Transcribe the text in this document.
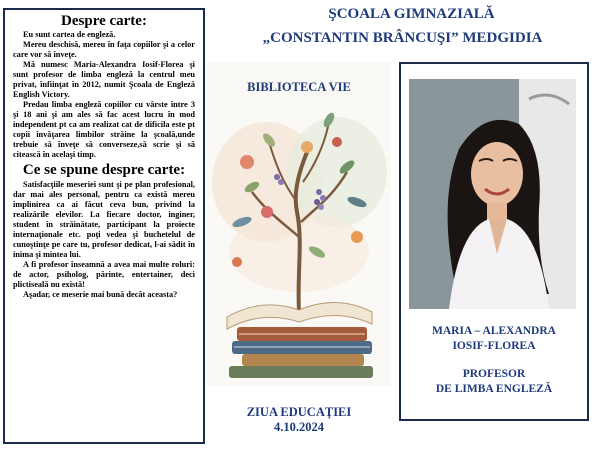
ŞCOALA GIMNAZIALĂ
„CONSTANTIN BRÂNCUŞI” MEDGIDIA
Despre carte:

Eu sunt cartea de engleză.

Mereu deschisă, mereu în faţa copiilor şi a celor care vor să înveţe.

Mă numesc Maria-Alexandra Iosif-Florea şi sunt profesor de limba engleză la centrul meu privat, înfiinţat în 2012, numit Şcoala de Engleză English Victory.

Predau limba engleză copiilor cu vârste între 3 şi 18 ani şi am ales să fac acest lucru în mod independent pt ca am realizat cat de dificila este pt copii învăţarea limbilor străine la şcoală,unde trebuie să înveţe să converseze,să scrie şi să citească în acelaşi timp.

Ce se spune despre carte:

Satisfacţiile meseriei sunt şi pe plan profesional, dar mai ales personal, pentru ca există mereu împlinirea ca ai făcut ceva bun, privind la realizările elevilor. La fiecare doctor, inginer, student în străinătate, participant la proiecte internaţionale etc. poţi vedea şi buchetelul de cunoştinţe pe care tu, profesor dedicat, l-ai sădit în inima şi mintea lui.

A fi profesor înseamnă a avea mai multe roluri: de actor, psiholog, părinte, entertainer, deci plictiseală nu există!

Aşadar, ce meserie mai bună decât aceasta?

BIBLIOTECA VIE
ZIUA EDUCAŢIEI
4.10.2024
MARIA – ALEXANDRA
IOSIF-FLOREA
PROFESOR
DE LIMBA ENGLEZĂ
